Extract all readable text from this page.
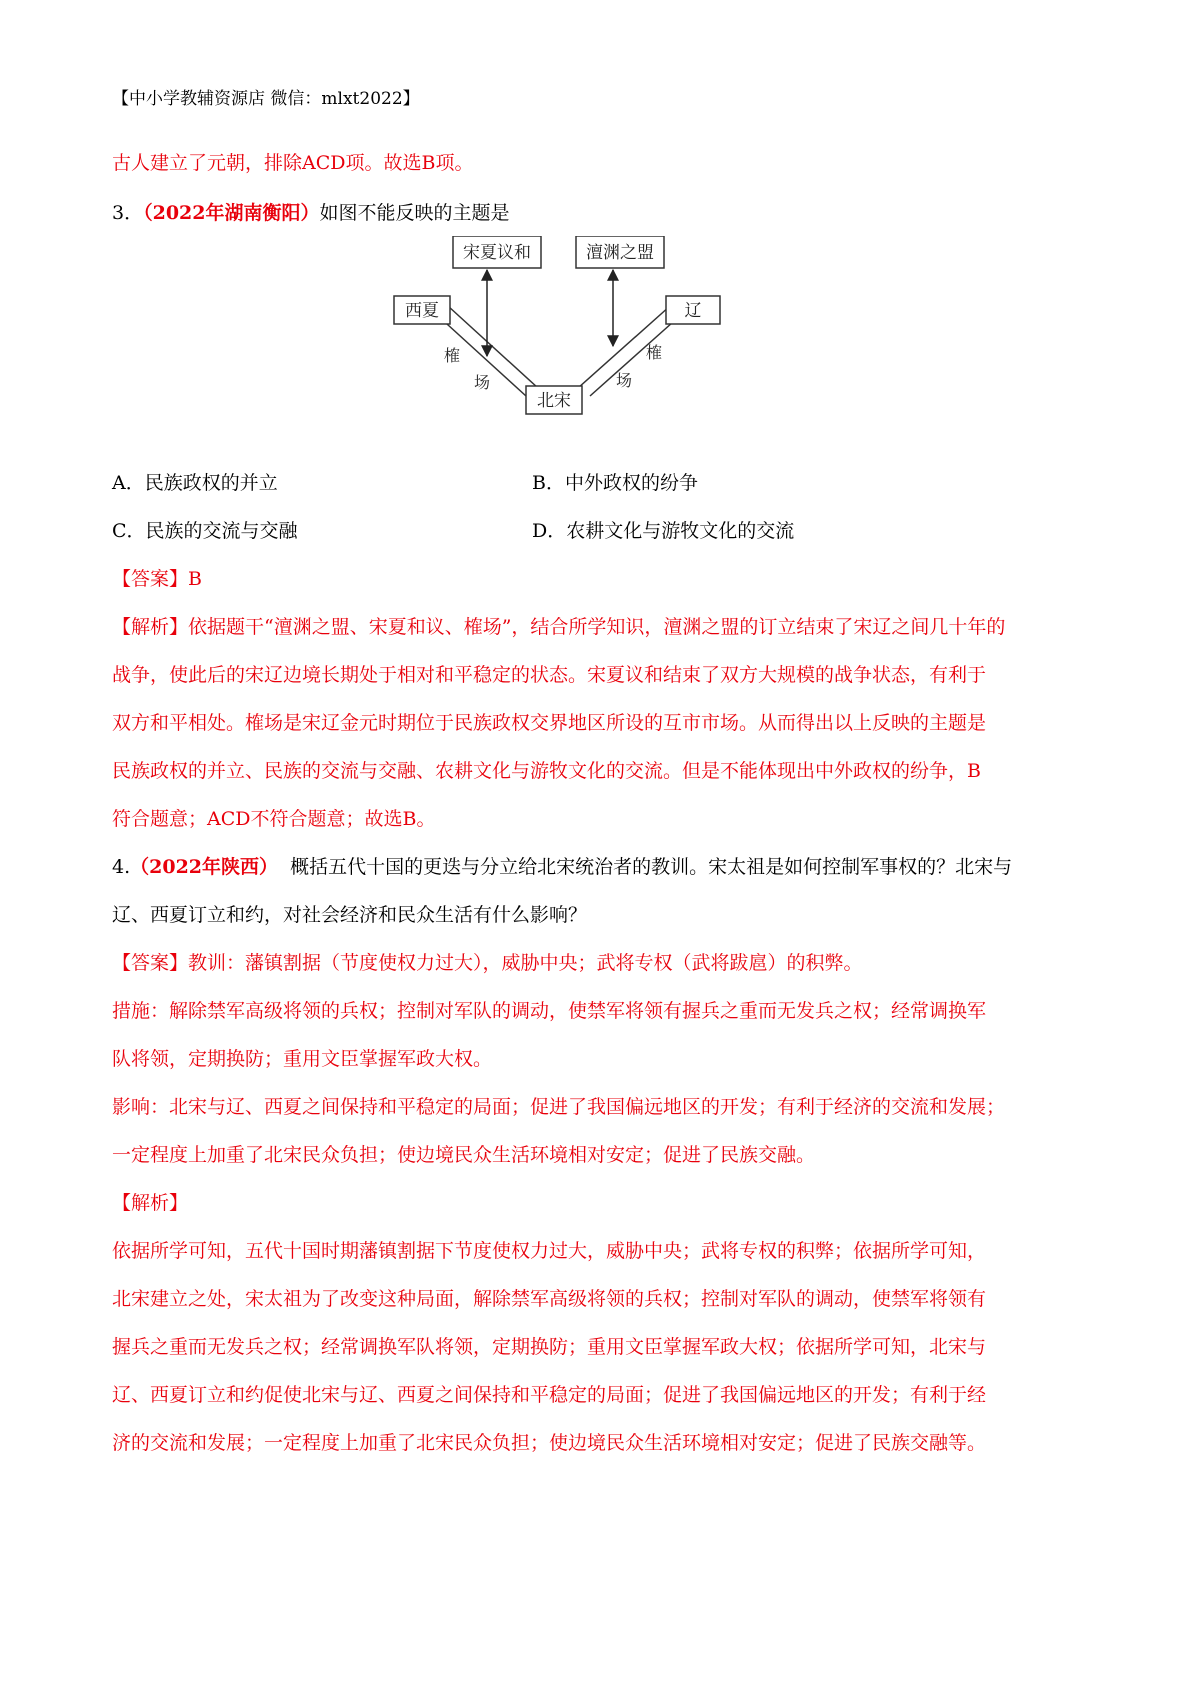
【中小学教辅资源店 微信：mlxt2022】
古人建立了元朝，排除ACD项。故选B项。
3．（2022年湖南衡阳）如图不能反映的主题是
宋夏议和	澶渊之盟
西夏	辽
北宋
榷
场
榷
场
A．民族政权的并立	B．中外政权的纷争
C．民族的交流与交融	D．农耕文化与游牧文化的交流
【答案】B
【解析】依据题干“澶渊之盟、宋夏和议、榷场”，结合所学知识，澶渊之盟的订立结束了宋辽之间几十年的
战争，使此后的宋辽边境长期处于相对和平稳定的状态。宋夏议和结束了双方大规模的战争状态，有利于
双方和平相处。榷场是宋辽金元时期位于民族政权交界地区所设的互市市场。从而得出以上反映的主题是
民族政权的并立、民族的交流与交融、农耕文化与游牧文化的交流。但是不能体现出中外政权的纷争，B
符合题意；ACD不符合题意；故选B。
4.（2022年陕西） 概括五代十国的更迭与分立给北宋统治者的教训。宋太祖是如何控制军事权的？北宋与
辽、西夏订立和约，对社会经济和民众生活有什么影响？
【答案】教训：藩镇割据（节度使权力过大），威胁中央；武将专权（武将跋扈）的积弊。
措施：解除禁军高级将领的兵权；控制对军队的调动，使禁军将领有握兵之重而无发兵之权；经常调换军
队将领，定期换防；重用文臣掌握军政大权。
影响：北宋与辽、西夏之间保持和平稳定的局面；促进了我国偏远地区的开发；有利于经济的交流和发展；
一定程度上加重了北宋民众负担；使边境民众生活环境相对安定；促进了民族交融。
【解析】
依据所学可知，五代十国时期藩镇割据下节度使权力过大，威胁中央；武将专权的积弊；依据所学可知，
北宋建立之处，宋太祖为了改变这种局面，解除禁军高级将领的兵权；控制对军队的调动，使禁军将领有
握兵之重而无发兵之权；经常调换军队将领，定期换防；重用文臣掌握军政大权；依据所学可知，北宋与
辽、西夏订立和约促使北宋与辽、西夏之间保持和平稳定的局面；促进了我国偏远地区的开发；有利于经
济的交流和发展；一定程度上加重了北宋民众负担；使边境民众生活环境相对安定；促进了民族交融等。
